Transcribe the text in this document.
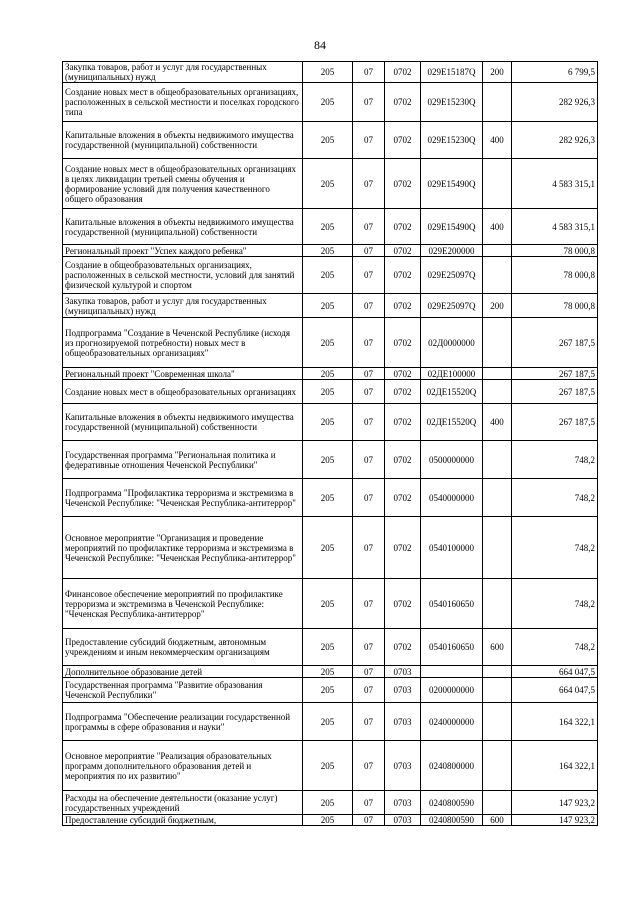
84
Закупка товаров, работ и услуг для государственных (муниципальных) нужд	205	07	0702	029E15187Q	200	6 799,5
Создание новых мест в общеобразовательных организациях, расположенных в сельской местности и поселках городского типа	205	07	0702	029E15230Q		282 926,3
Капитальные вложения в объекты недвижимого имущества государственной (муниципальной) собственности	205	07	0702	029E15230Q	400	282 926,3
Создание новых мест в общеобразовательных организациях в целях ликвидации третьей смены обучения и формирование условий для получения качественного общего образования	205	07	0702	029E15490Q		4 583 315,1
Капитальные вложения в объекты недвижимого имущества государственной (муниципальной) собственности	205	07	0702	029E15490Q	400	4 583 315,1
Региональный проект "Успех каждого ребенка"	205	07	0702	029E200000		78 000,8
Создание в общеобразовательных организациях, расположенных в сельской местности, условий для занятий физической культурой и спортом	205	07	0702	029E25097Q		78 000,8
Закупка товаров, работ и услуг для государственных (муниципальных) нужд	205	07	0702	029E25097Q	200	78 000,8
Подпрограмма "Создание в Чеченской Республике (исходя из прогнозируемой потребности) новых мест в общеобразовательных организациях"	205	07	0702	02Д0000000		267 187,5
Региональный проект "Современная школа"	205	07	0702	02ДЕ100000		267 187,5
Создание новых мест в общеобразовательных организациях	205	07	0702	02ДЕ15520Q		267 187,5
Капитальные вложения в объекты недвижимого имущества государственной (муниципальной) собственности	205	07	0702	02ДЕ15520Q	400	267 187,5
Государственная программа "Региональная политика и федеративные отношения Чеченской Республики"	205	07	0702	0500000000		748,2
Подпрограмма "Профилактика терроризма и экстремизма в Чеченской Республике: "Чеченская Республика-антитеррор"	205	07	0702	0540000000		748,2
Основное мероприятие "Организация и проведение мероприятий по профилактике терроризма и экстремизма в Чеченской Республике: "Чеченская Республика-антитеррор"	205	07	0702	0540100000		748,2
Финансовое обеспечение мероприятий по профилактике терроризма и экстремизма в Чеченской Республике: "Чеченская Республика-антитеррор"	205	07	0702	0540160650		748,2
Предоставление субсидий бюджетным, автономным учреждениям и иным некоммерческим организациям	205	07	0702	0540160650	600	748,2
Дополнительное образование детей	205	07	0703			664 047,5
Государственная программа "Развитие образования Чеченской Республики"	205	07	0703	0200000000		664 047,5
Подпрограмма "Обеспечение реализации государственной программы в сфере образования и науки"	205	07	0703	0240000000		164 322,1
Основное мероприятие "Реализация образовательных программ дополнительного образования детей и мероприятия по их развитию"	205	07	0703	0240800000		164 322,1
Расходы на обеспечение деятельности (оказание услуг) государственных учреждений	205	07	0703	0240800590		147 923,2
Предоставление субсидий бюджетным,	205	07	0703	0240800590	600	147 923,2
